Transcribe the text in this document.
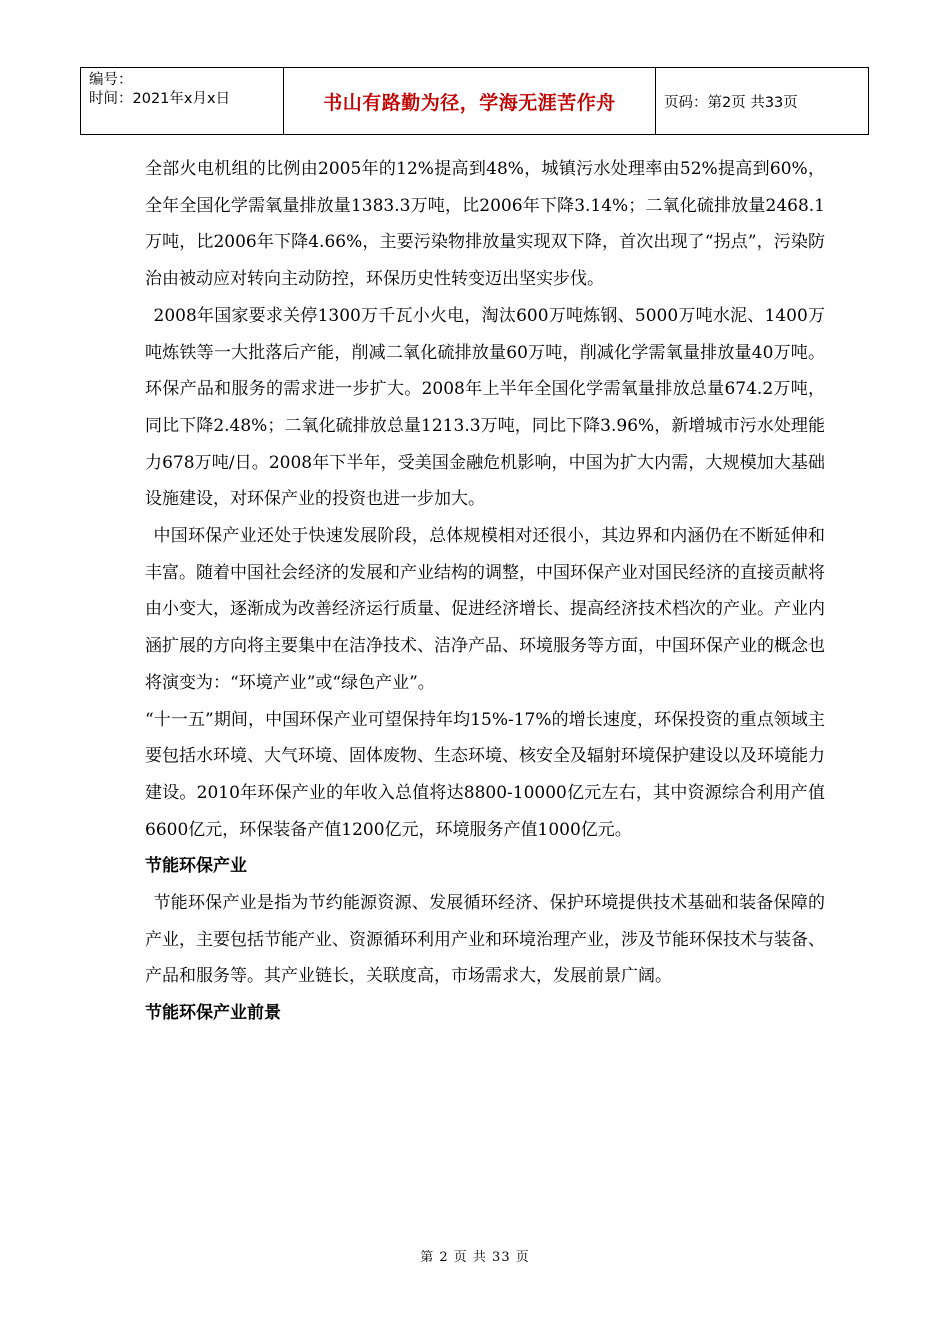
编号：
时间：2021年x月x日	书山有路勤为径，学海无涯苦作舟	页码：第2页 共33页

全部火电机组的比例由2005年的12%提高到48%，城镇污水处理率由52%提高到60%，全年全国化学需氧量排放量1383.3万吨，比2006年下降3.14%；二氧化硫排放量2468.1万吨，比2006年下降4.66%，主要污染物排放量实现双下降，首次出现了“拐点”，污染防治由被动应对转向主动防控，环保历史性转变迈出坚实步伐。

2008年国家要求关停1300万千瓦小火电，淘汰600万吨炼钢、5000万吨水泥、1400万吨炼铁等一大批落后产能，削减二氧化硫排放量60万吨，削减化学需氧量排放量40万吨。环保产品和服务的需求进一步扩大。2008年上半年全国化学需氧量排放总量674.2万吨，同比下降2.48%；二氧化硫排放总量1213.3万吨，同比下降3.96%，新增城市污水处理能力678万吨/日。2008年下半年，受美国金融危机影响，中国为扩大内需，大规模加大基础设施建设，对环保产业的投资也进一步加大。

中国环保产业还处于快速发展阶段，总体规模相对还很小，其边界和内涵仍在不断延伸和丰富。随着中国社会经济的发展和产业结构的调整，中国环保产业对国民经济的直接贡献将由小变大，逐渐成为改善经济运行质量、促进经济增长、提高经济技术档次的产业。产业内涵扩展的方向将主要集中在洁净技术、洁净产品、环境服务等方面，中国环保产业的概念也将演变为：“环境产业”或“绿色产业”。

“十一五”期间，中国环保产业可望保持年均15%-17%的增长速度，环保投资的重点领域主要包括水环境、大气环境、固体废物、生态环境、核安全及辐射环境保护建设以及环境能力建设。2010年环保产业的年收入总值将达8800-10000亿元左右，其中资源综合利用产值6600亿元，环保装备产值1200亿元，环境服务产值1000亿元。

节能环保产业

节能环保产业是指为节约能源资源、发展循环经济、保护环境提供技术基础和装备保障的产业，主要包括节能产业、资源循环利用产业和环境治理产业，涉及节能环保技术与装备、产品和服务等。其产业链长，关联度高，市场需求大，发展前景广阔。

节能环保产业前景
第 2 页 共 33 页
